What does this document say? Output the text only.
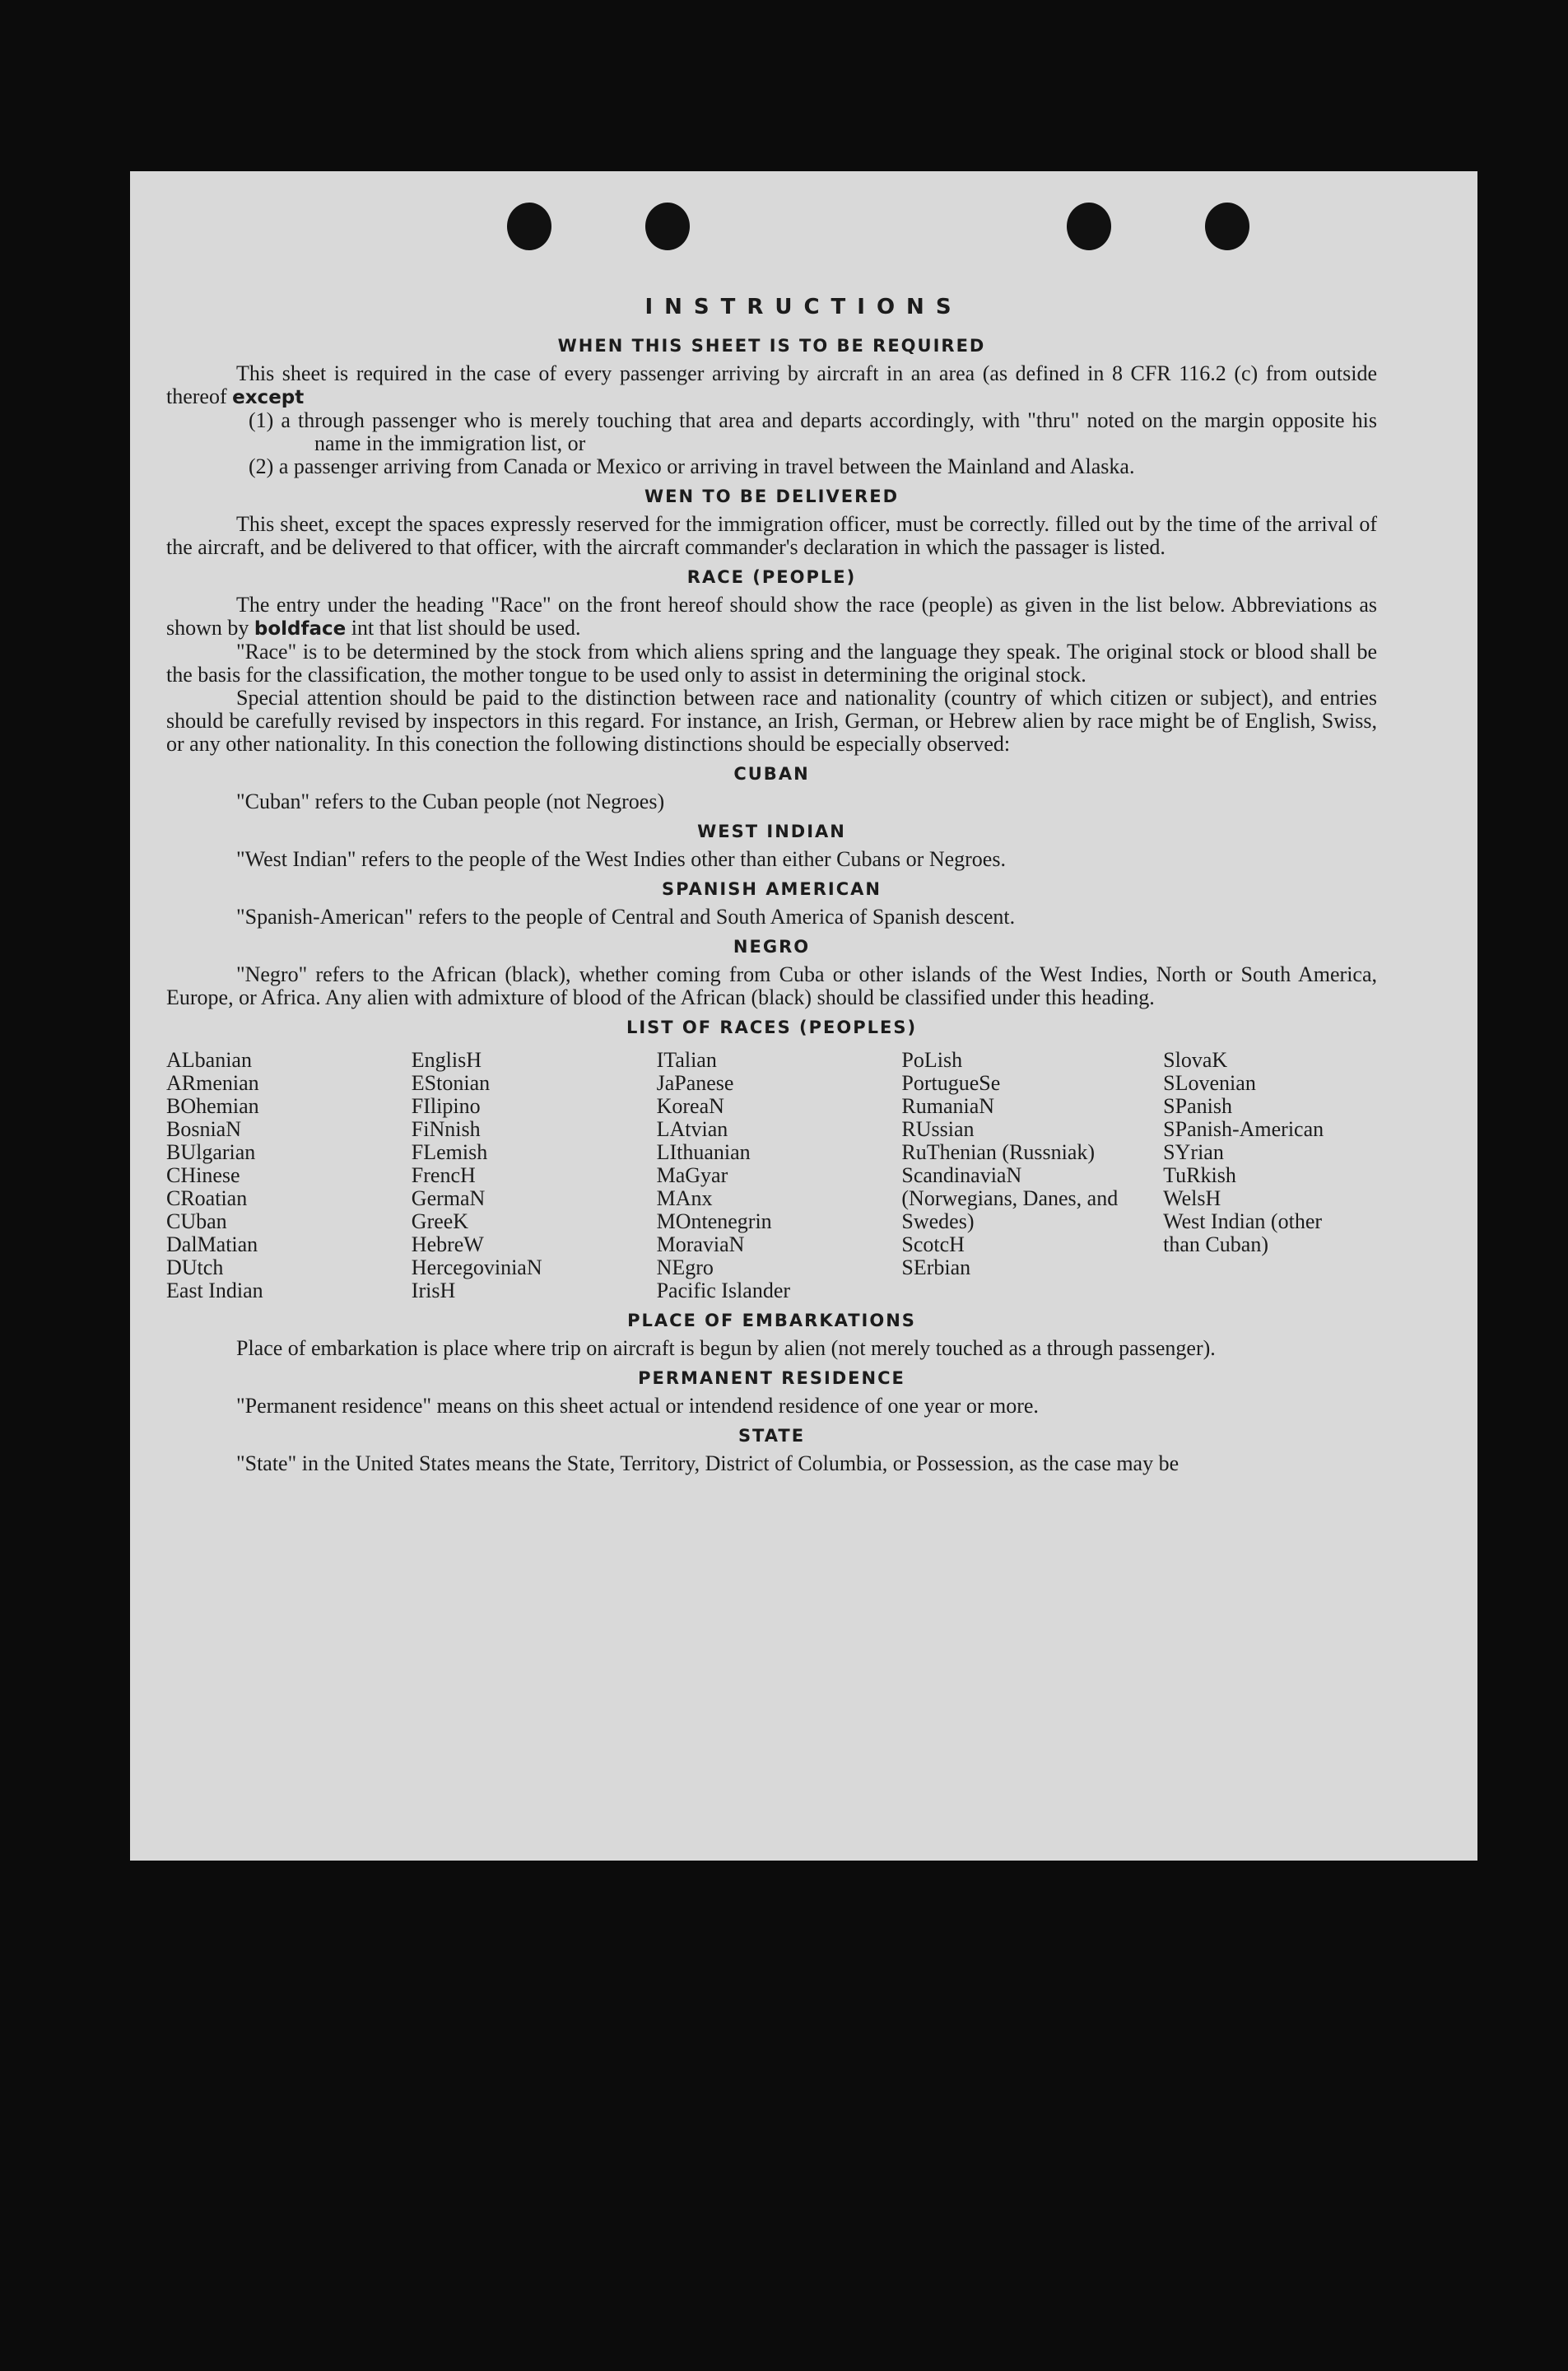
INSTRUCTIONS
WHEN THIS SHEET IS TO BE REQUIRED

This sheet is required in the case of every passenger arriving by aircraft in an area (as defined in 8 CFR 116.2 (c) from outside thereof except

(1) a through passenger who is merely touching that area and departs accordingly, with "thru" noted on the margin opposite his name in the immigration list, or

(2) a passenger arriving from Canada or Mexico or arriving in travel between the Mainland and Alaska.

WEN TO BE DELIVERED

This sheet, except the spaces expressly reserved for the immigration officer, must be correctly. filled out by the time of the arrival of the aircraft, and be delivered to that officer, with the aircraft commander's declaration in which the passager is listed.

RACE (PEOPLE)

The entry under the heading "Race" on the front hereof should show the race (people) as given in the list below. Abbreviations as shown by boldface int that list should be used.

"Race" is to be determined by the stock from which aliens spring and the language they speak. The original stock or blood shall be the basis for the classification, the mother tongue to be used only to assist in determining the original stock.

Special attention should be paid to the distinction between race and nationality (country of which citizen or subject), and entries should be carefully revised by inspectors in this regard. For instance, an Irish, German, or Hebrew alien by race might be of English, Swiss, or any other nationality. In this conection the following distinctions should be especially observed:

CUBAN

"Cuban" refers to the Cuban people (not Negroes)

WEST INDIAN

"West Indian" refers to the people of the West Indies other than either Cubans or Negroes.

SPANISH AMERICAN

"Spanish-American" refers to the people of Central and South America of Spanish descent.

NEGRO

"Negro" refers to the African (black), whether coming from Cuba or other islands of the West Indies, North or South America, Europe, or Africa. Any alien with admixture of blood of the African (black) should be classified under this heading.

LIST OF RACES (PEOPLES)
ALbanian
ARmenian
BOhemian
BosniaN
BUlgarian
CHinese
CRoatian
CUban
DalMatian
DUtch
East Indian
EnglisH
EStonian
FIlipino
FiNnish
FLemish
FrencH
GermaN
GreeK
HebreW
HercegoviniaN
IrisH
ITalian
JaPanese
KoreaN
LAtvian
LIthuanian
MaGyar
MAnx
MOntenegrin
MoraviaN
NEgro
Pacific Islander
PoLish
PortugueSe
RumaniaN
RUssian
RuThenian (Russniak)
ScandinaviaN (Norwegians, Danes, and Swedes)
ScotcH
SErbian
SlovaK
SLovenian
SPanish
SPanish-American
SYrian
TuRkish
WelsH
West Indian (other than Cuban)
PLACE OF EMBARKATIONS

Place of embarkation is place where trip on aircraft is begun by alien (not merely touched as a through passenger).

PERMANENT RESIDENCE

"Permanent residence" means on this sheet actual or intendend residence of one year or more.

STATE

"State" in the United States means the State, Territory, District of Columbia, or Possession, as the case may be
